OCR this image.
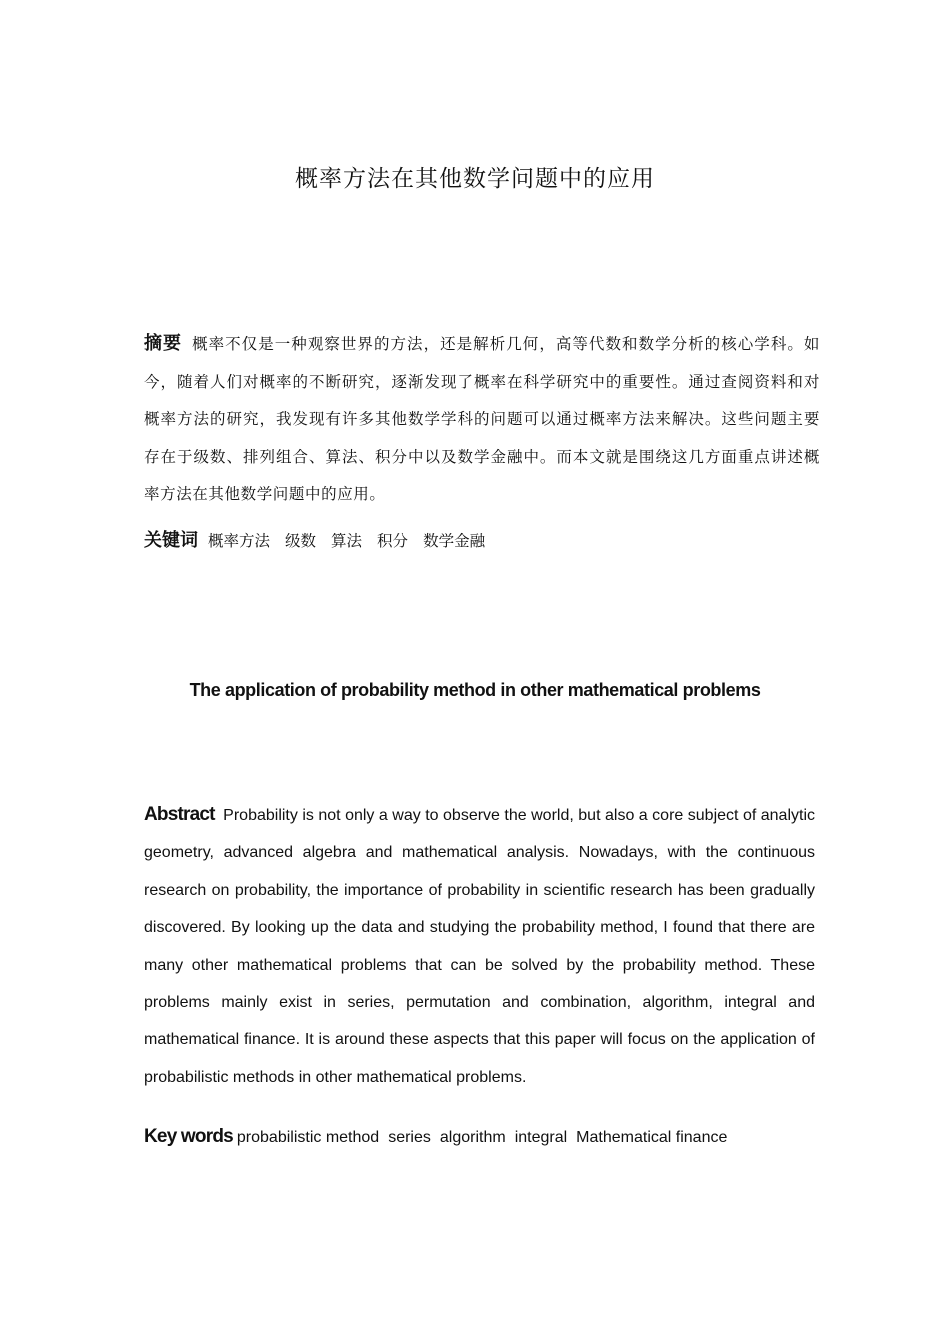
概率方法在其他数学问题中的应用
摘要 概率不仅是一种观察世界的方法，还是解析几何，高等代数和数学分析的核心学科。如今，随着人们对概率的不断研究，逐渐发现了概率在科学研究中的重要性。通过查阅资料和对概率方法的研究，我发现有许多其他数学学科的问题可以通过概率方法来解决。这些问题主要存在于级数、排列组合、算法、积分中以及数学金融中。而本文就是围绕这几方面重点讲述概率方法在其他数学问题中的应用。
关键词 概率方法 级数 算法 积分 数学金融
The application of probability method in other mathematical problems

Abstract Probability is not only a way to observe the world, but also a core subject of analytic geometry, advanced algebra and mathematical analysis. Nowadays, with the continuous research on probability, the importance of probability in scientific research has been gradually discovered. By looking up the data and studying the probability method, I found that there are many other mathematical problems that can be solved by the probability method. These problems mainly exist in series, permutation and combination, algorithm, integral and mathematical finance. It is around these aspects that this paper will focus on the application of probabilistic methods in other mathematical problems.

Key words probabilistic method series algorithm integral Mathematical finance
